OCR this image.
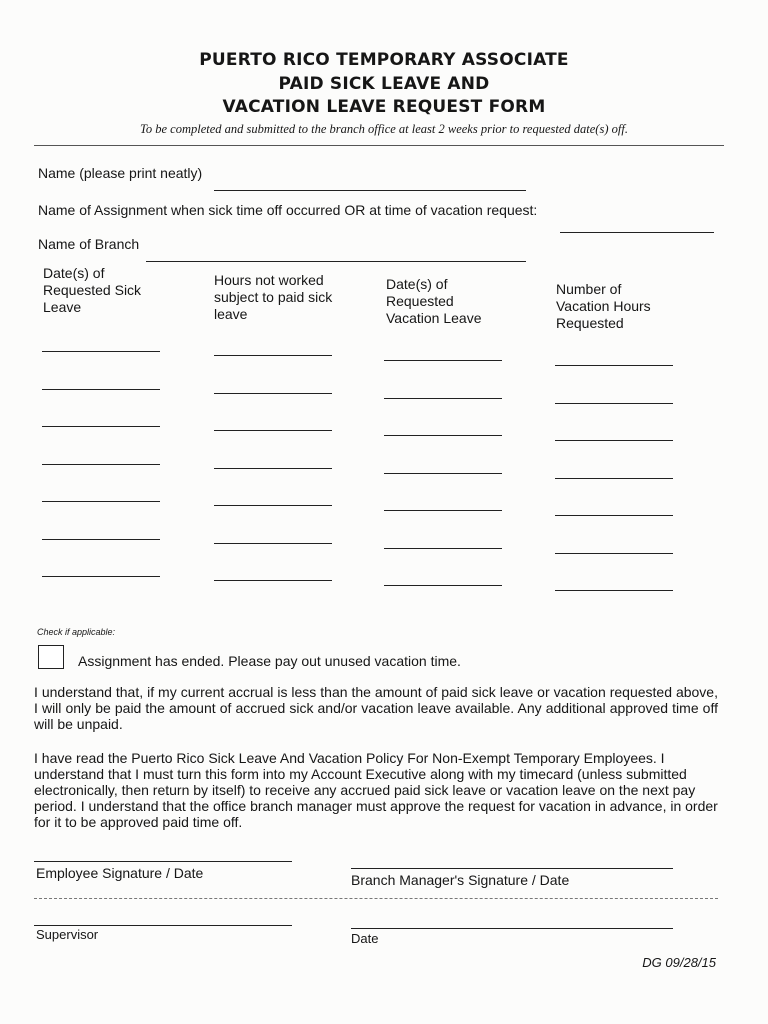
PUERTO RICO TEMPORARY ASSOCIATE
PAID SICK LEAVE AND
VACATION LEAVE REQUEST FORM
To be completed and submitted to the branch office at least 2 weeks prior to requested date(s) off.
Name (please print neatly)
Name of Assignment when sick time off occurred OR at time of vacation request:
Name of Branch
Date(s) of Requested Sick Leave
Hours not worked subject to paid sick leave
Date(s) of Requested Vacation Leave
Number of Vacation Hours Requested
Check if applicable:
Assignment has ended. Please pay out unused vacation time.
I understand that, if my current accrual is less than the amount of paid sick leave or vacation requested above, I will only be paid the amount of accrued sick and/or vacation leave available. Any additional approved time off will be unpaid.
I have read the Puerto Rico Sick Leave And Vacation Policy For Non-Exempt Temporary Employees. I understand that I must turn this form into my Account Executive along with my timecard (unless submitted electronically, then return by itself) to receive any accrued paid sick leave or vacation leave on the next pay period. I understand that the office branch manager must approve the request for vacation in advance, in order for it to be approved paid time off.
Employee Signature / Date	Branch Manager's Signature / Date
Supervisor	Date
DG 09/28/15
